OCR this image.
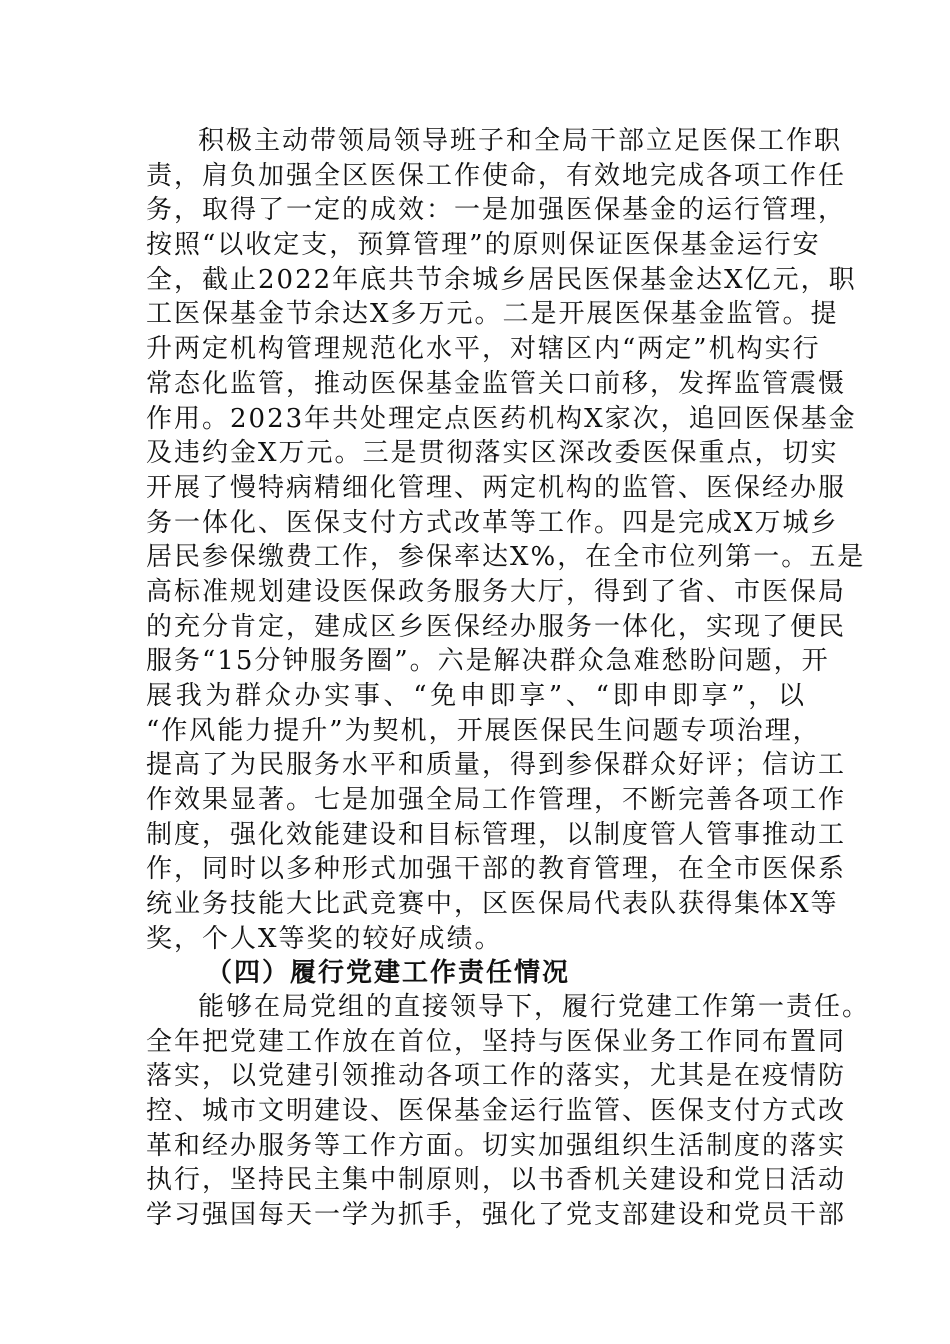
积极主动带领局领导班子和全局干部立足医保工作职
责，肩负加强全区医保工作使命，有效地完成各项工作任
务，取得了一定的成效：一是加强医保基金的运行管理，
按照“以收定支，预算管理”的原则保证医保基金运行安
全，截止2022年底共节余城乡居民医保基金达X亿元，职
工医保基金节余达X多万元。二是开展医保基金监管。提
升两定机构管理规范化水平，对辖区内“两定”机构实行
常态化监管，推动医保基金监管关口前移，发挥监管震慑
作用。2023年共处理定点医药机构X家次，追回医保基金
及违约金X万元。三是贯彻落实区深改委医保重点，切实
开展了慢特病精细化管理、两定机构的监管、医保经办服
务一体化、医保支付方式改革等工作。四是完成X万城乡
居民参保缴费工作，参保率达X%，在全市位列第一。五是
高标准规划建设医保政务服务大厅，得到了省、市医保局
的充分肯定，建成区乡医保经办服务一体化，实现了便民
服务“15分钟服务圈”。六是解决群众急难愁盼问题，开
展我为群众办实事、“免申即享”、“即申即享”，以
“作风能力提升”为契机，开展医保民生问题专项治理，
提高了为民服务水平和质量，得到参保群众好评；信访工
作效果显著。七是加强全局工作管理，不断完善各项工作
制度，强化效能建设和目标管理，以制度管人管事推动工
作，同时以多种形式加强干部的教育管理，在全市医保系
统业务技能大比武竞赛中，区医保局代表队获得集体X等
奖，个人X等奖的较好成绩。
（四）履行党建工作责任情况
能够在局党组的直接领导下，履行党建工作第一责任。
全年把党建工作放在首位，坚持与医保业务工作同布置同
落实，以党建引领推动各项工作的落实，尤其是在疫情防
控、城市文明建设、医保基金运行监管、医保支付方式改
革和经办服务等工作方面。切实加强组织生活制度的落实
执行，坚持民主集中制原则，以书香机关建设和党日活动
学习强国每天一学为抓手，强化了党支部建设和党员干部
